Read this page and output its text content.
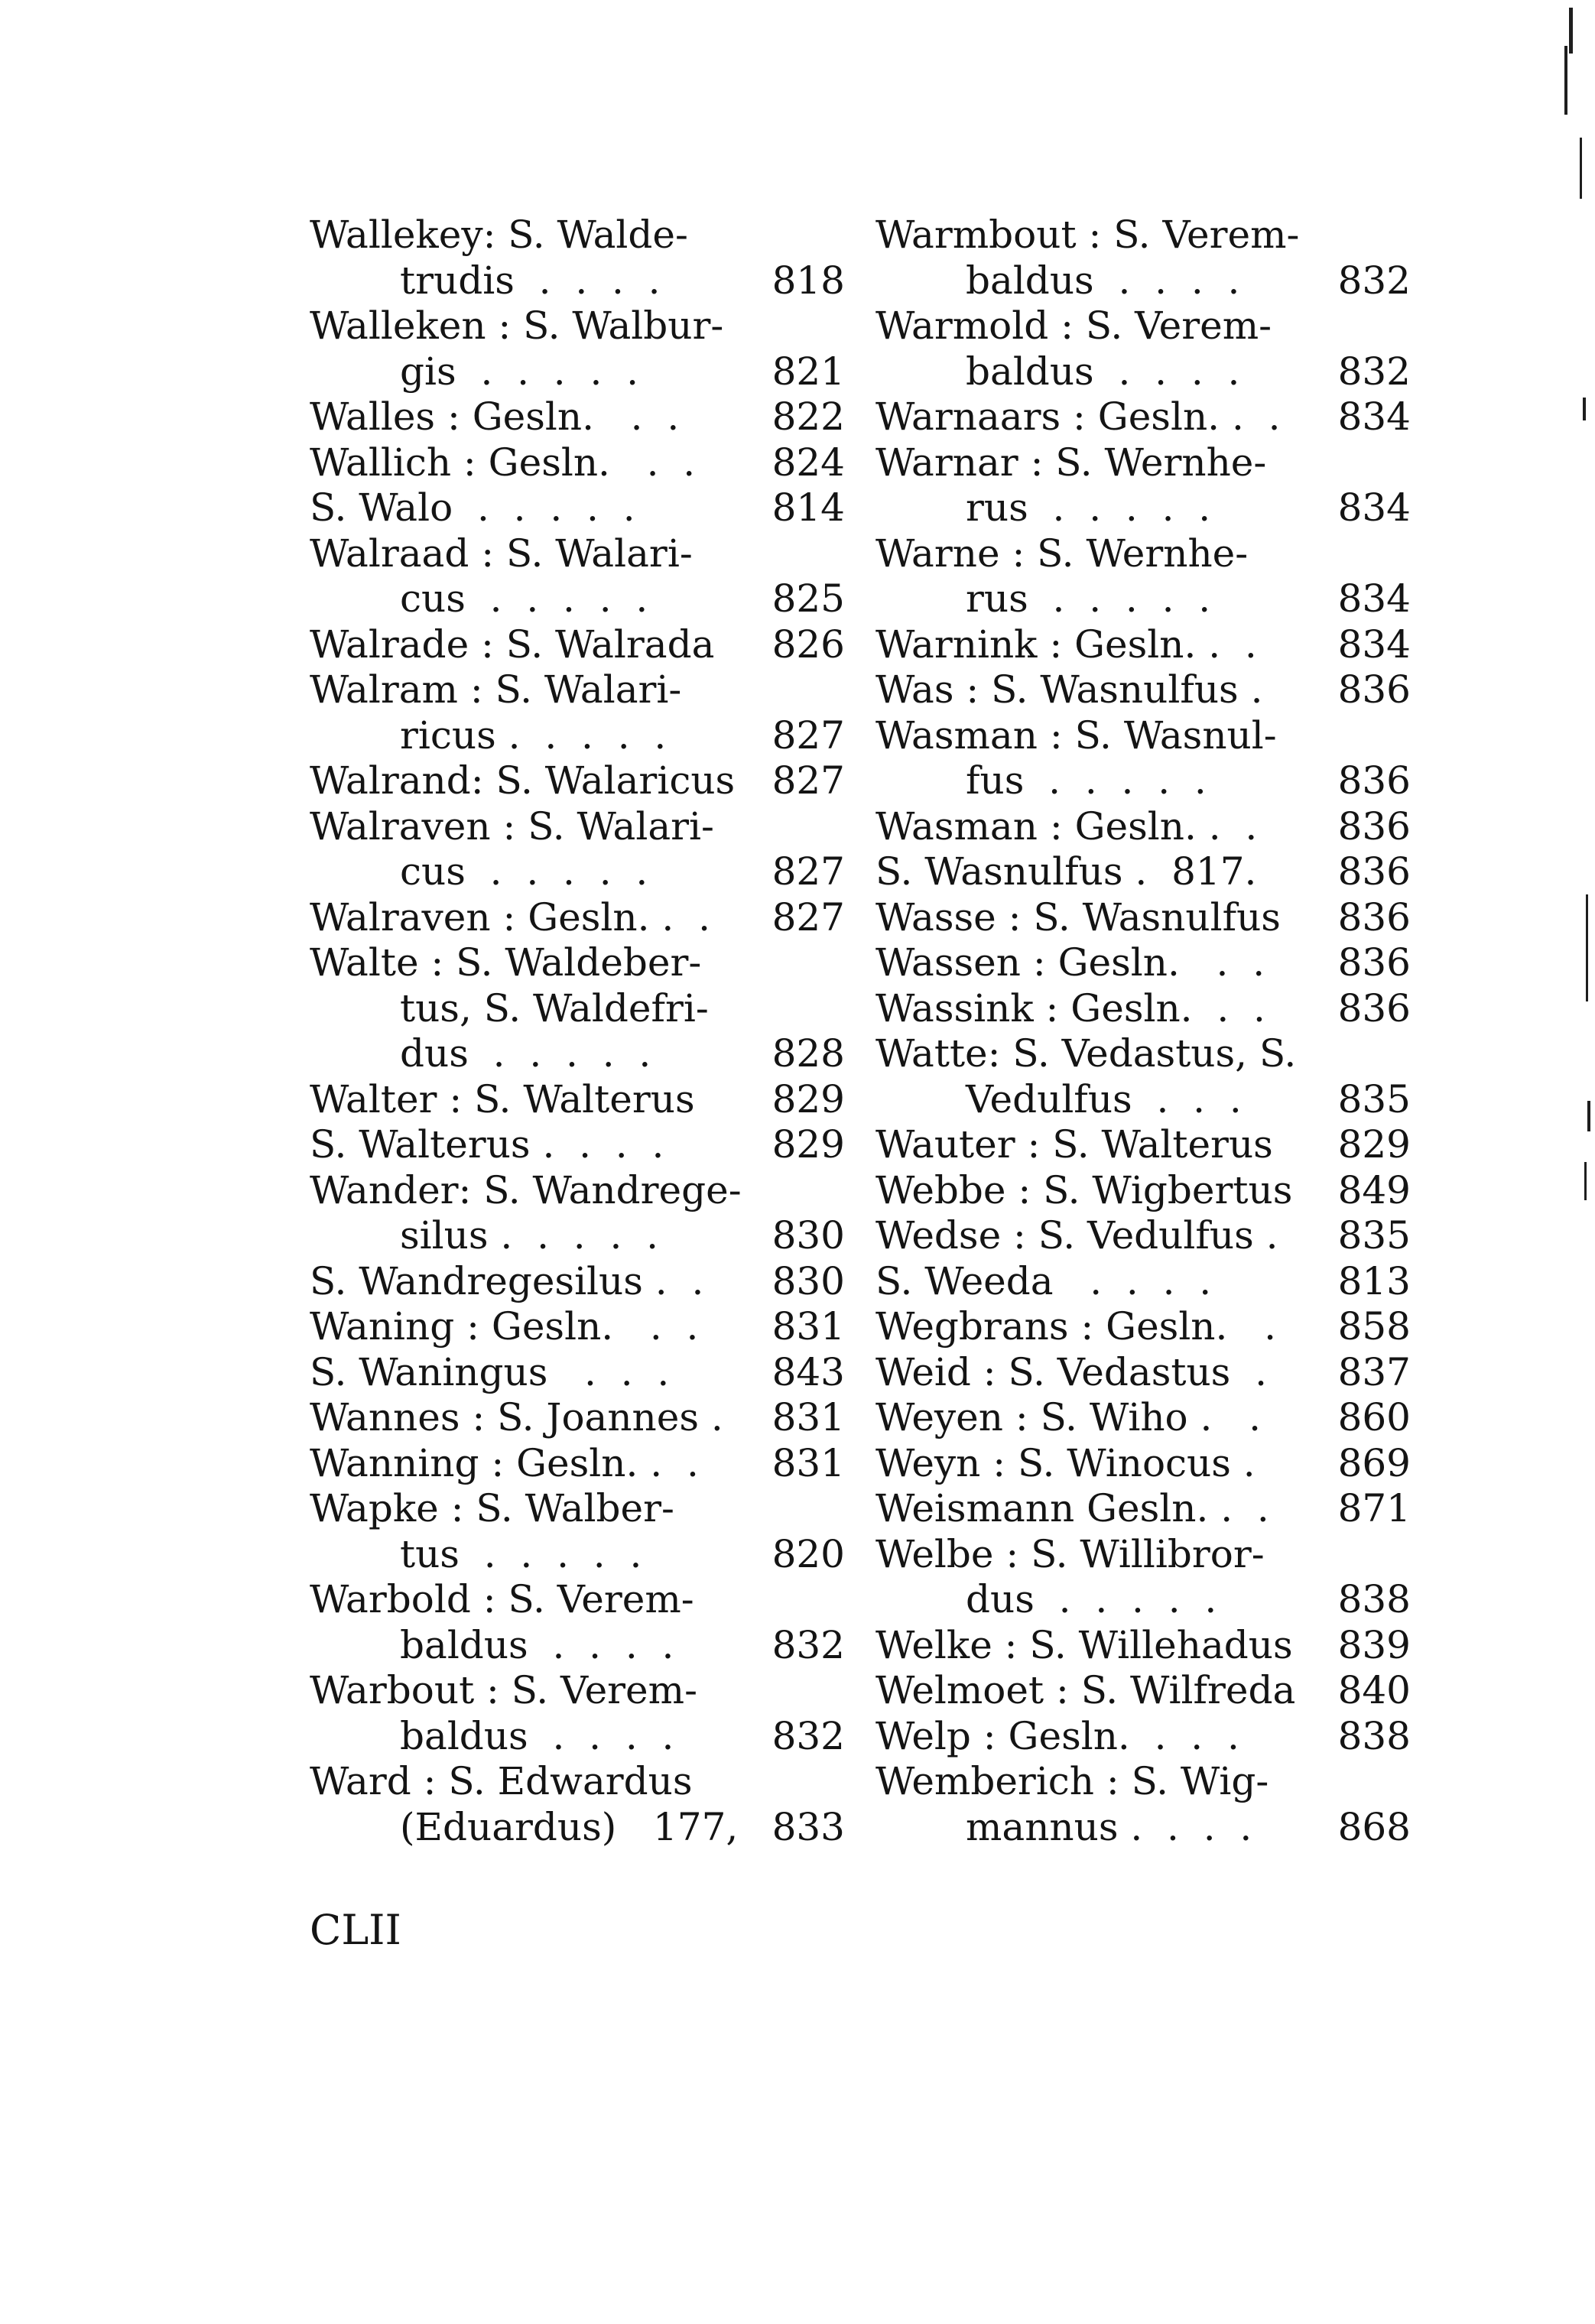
Wallekey: S. Walde-
trudis  .  .  .  .	818
Walleken : S. Walbur-
gis  .  .  .  .  .	821
Walles : Gesln.   .  . 822
Wallich : Gesln.   .  . 824
S. Walo  .  .  .  .  .	814
Walraad : S. Walari-
cus  .  .  .  .  .	825
Walrade : S. Walrada 826
Walram : S. Walari-
ricus .  .  .  .  .	827
Walrand: S. Walaricus 827
Walraven : S. Walari-
cus  .  .  .  .  .	827
Walraven : Gesln. .  . 827
Walte : S. Waldeber-
tus, S. Waldefri-
dus  .  .  .  .  .	828
Walter : S. Walterus 829
S. Walterus .  .  .  .	829
Wander: S. Wandrege-
silus .  .  .  .  .	830
S. Wandregesilus .  . 830
Waning : Gesln.   .  . 831
S. Waningus   .  .  .	843
Wannes : S. Joannes . 831
Wanning : Gesln. .  . 831
Wapke : S. Walber-
tus  .  .  .  .  .	820
Warbold : S. Verem-
baldus  .  .  .  .	832
Warbout : S. Verem-
baldus  .  .  .  .	832
Ward : S. Edwardus
(Eduardus)   177, 833
Warmbout : S. Verem-
baldus  .  .  .  .	832
Warmold : S. Verem-
baldus  .  .  .  .	832
Warnaars : Gesln. .  . 834
Warnar : S. Wernhe-
rus  .  .  .  .  .	834
Warne : S. Wernhe-
rus  .  .  .  .  .	834
Warnink : Gesln. .  . 834
Was : S. Wasnulfus . 836
Wasman : S. Wasnul-
fus  .  .  .  .  .	836
Wasman : Gesln. .  . 836
S. Wasnulfus .  817. 836
Wasse : S. Wasnulfus 836
Wassen : Gesln.   .  . 836
Wassink : Gesln.  .  . 836
Watte: S. Vedastus, S.
Vedulfus  .  .  .	835
Wauter : S. Walterus 829
Webbe : S. Wigbertus 849
Wedse : S. Vedulfus . 835
S. Weeda   .  .  .  .	813
Wegbrans : Gesln.   . 858
Weid : S. Vedastus  . 837
Weyen : S. Wiho .   . 860
Weyn : S. Winocus . 869
Weismann Gesln. .  . 871
Welbe : S. Willibror-
dus  .  .  .  .  .	838
Welke : S. Willehadus 839
Welmoet : S. Wilfreda 840
Welp : Gesln.  .  .  .	838
Wemberich : S. Wig-
mannus .  .  .  . 868
CLII
